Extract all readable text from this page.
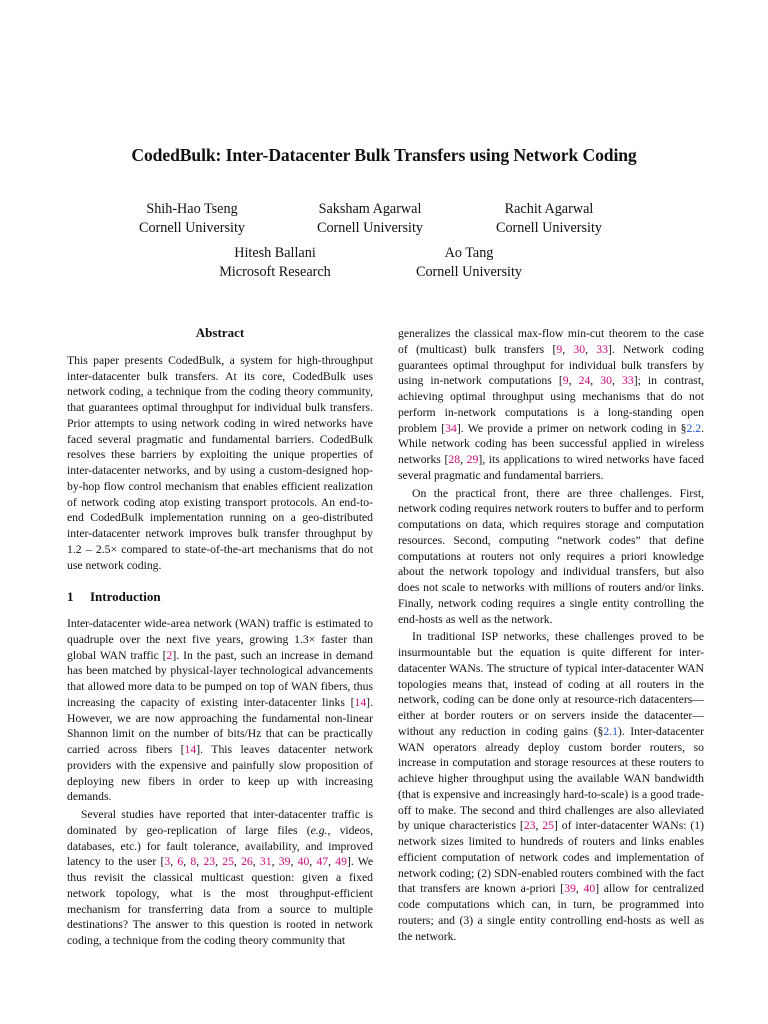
CodedBulk: Inter-Datacenter Bulk Transfers using Network Coding
Shih-Hao Tseng
Cornell University
Saksham Agarwal
Cornell University
Rachit Agarwal
Cornell University
Hitesh Ballani
Microsoft Research
Ao Tang
Cornell University
Abstract

This paper presents CodedBulk, a system for high-throughput inter-datacenter bulk transfers. At its core, CodedBulk uses network coding, a technique from the coding theory community, that guarantees optimal throughput for individual bulk transfers. Prior attempts to using network coding in wired networks have faced several pragmatic and fundamental barriers. CodedBulk resolves these barriers by exploiting the unique properties of inter-datacenter networks, and by using a custom-designed hop-by-hop flow control mechanism that enables efficient realization of network coding atop existing transport protocols. An end-to-end CodedBulk implementation running on a geo-distributed inter-datacenter network improves bulk transfer throughput by 1.2 – 2.5× compared to state-of-the-art mechanisms that do not use network coding.

1 Introduction

Inter-datacenter wide-area network (WAN) traffic is estimated to quadruple over the next five years, growing 1.3× faster than global WAN traffic [2]. In the past, such an increase in demand has been matched by physical-layer technological advancements that allowed more data to be pumped on top of WAN fibers, thus increasing the capacity of existing inter-datacenter links [14]. However, we are now approaching the fundamental non-linear Shannon limit on the number of bits/Hz that can be practically carried across fibers [14]. This leaves datacenter network providers with the expensive and painfully slow proposition of deploying new fibers in order to keep up with increasing demands.

Several studies have reported that inter-datacenter traffic is dominated by geo-replication of large files (e.g., videos, databases, etc.) for fault tolerance, availability, and improved latency to the user [3, 6, 8, 23, 25, 26, 31, 39, 40, 47, 49]. We thus revisit the classical multicast question: given a fixed network topology, what is the most throughput-efficient mechanism for transferring data from a source to multiple destinations? The answer to this question is rooted in network coding, a technique from the coding theory community that

generalizes the classical max-flow min-cut theorem to the case of (multicast) bulk transfers [9, 30, 33]. Network coding guarantees optimal throughput for individual bulk transfers by using in-network computations [9, 24, 30, 33]; in contrast, achieving optimal throughput using mechanisms that do not perform in-network computations is a long-standing open problem [34]. We provide a primer on network coding in §2.2. While network coding has been successful applied in wireless networks [28, 29], its applications to wired networks have faced several pragmatic and fundamental barriers.

On the practical front, there are three challenges. First, network coding requires network routers to buffer and to perform computations on data, which requires storage and computation resources. Second, computing “network codes” that define computations at routers not only requires a priori knowledge about the network topology and individual transfers, but also does not scale to networks with millions of routers and/or links. Finally, network coding requires a single entity controlling the end-hosts as well as the network.

In traditional ISP networks, these challenges proved to be insurmountable but the equation is quite different for inter-datacenter WANs. The structure of typical inter-datacenter WAN topologies means that, instead of coding at all routers in the network, coding can be done only at resource-rich datacenters—either at border routers or on servers inside the datacenter—without any reduction in coding gains (§2.1). Inter-datacenter WAN operators already deploy custom border routers, so increase in computation and storage resources at these routers to achieve higher throughput using the available WAN bandwidth (that is expensive and increasingly hard-to-scale) is a good trade-off to make. The second and third challenges are also alleviated by unique characteristics [23, 25] of inter-datacenter WANs: (1) network sizes limited to hundreds of routers and links enables efficient computation of network codes and implementation of network coding; (2) SDN-enabled routers combined with the fact that transfers are known a-priori [39, 40] allow for centralized code computations which can, in turn, be programmed into routers; and (3) a single entity controlling end-hosts as well as the network.
